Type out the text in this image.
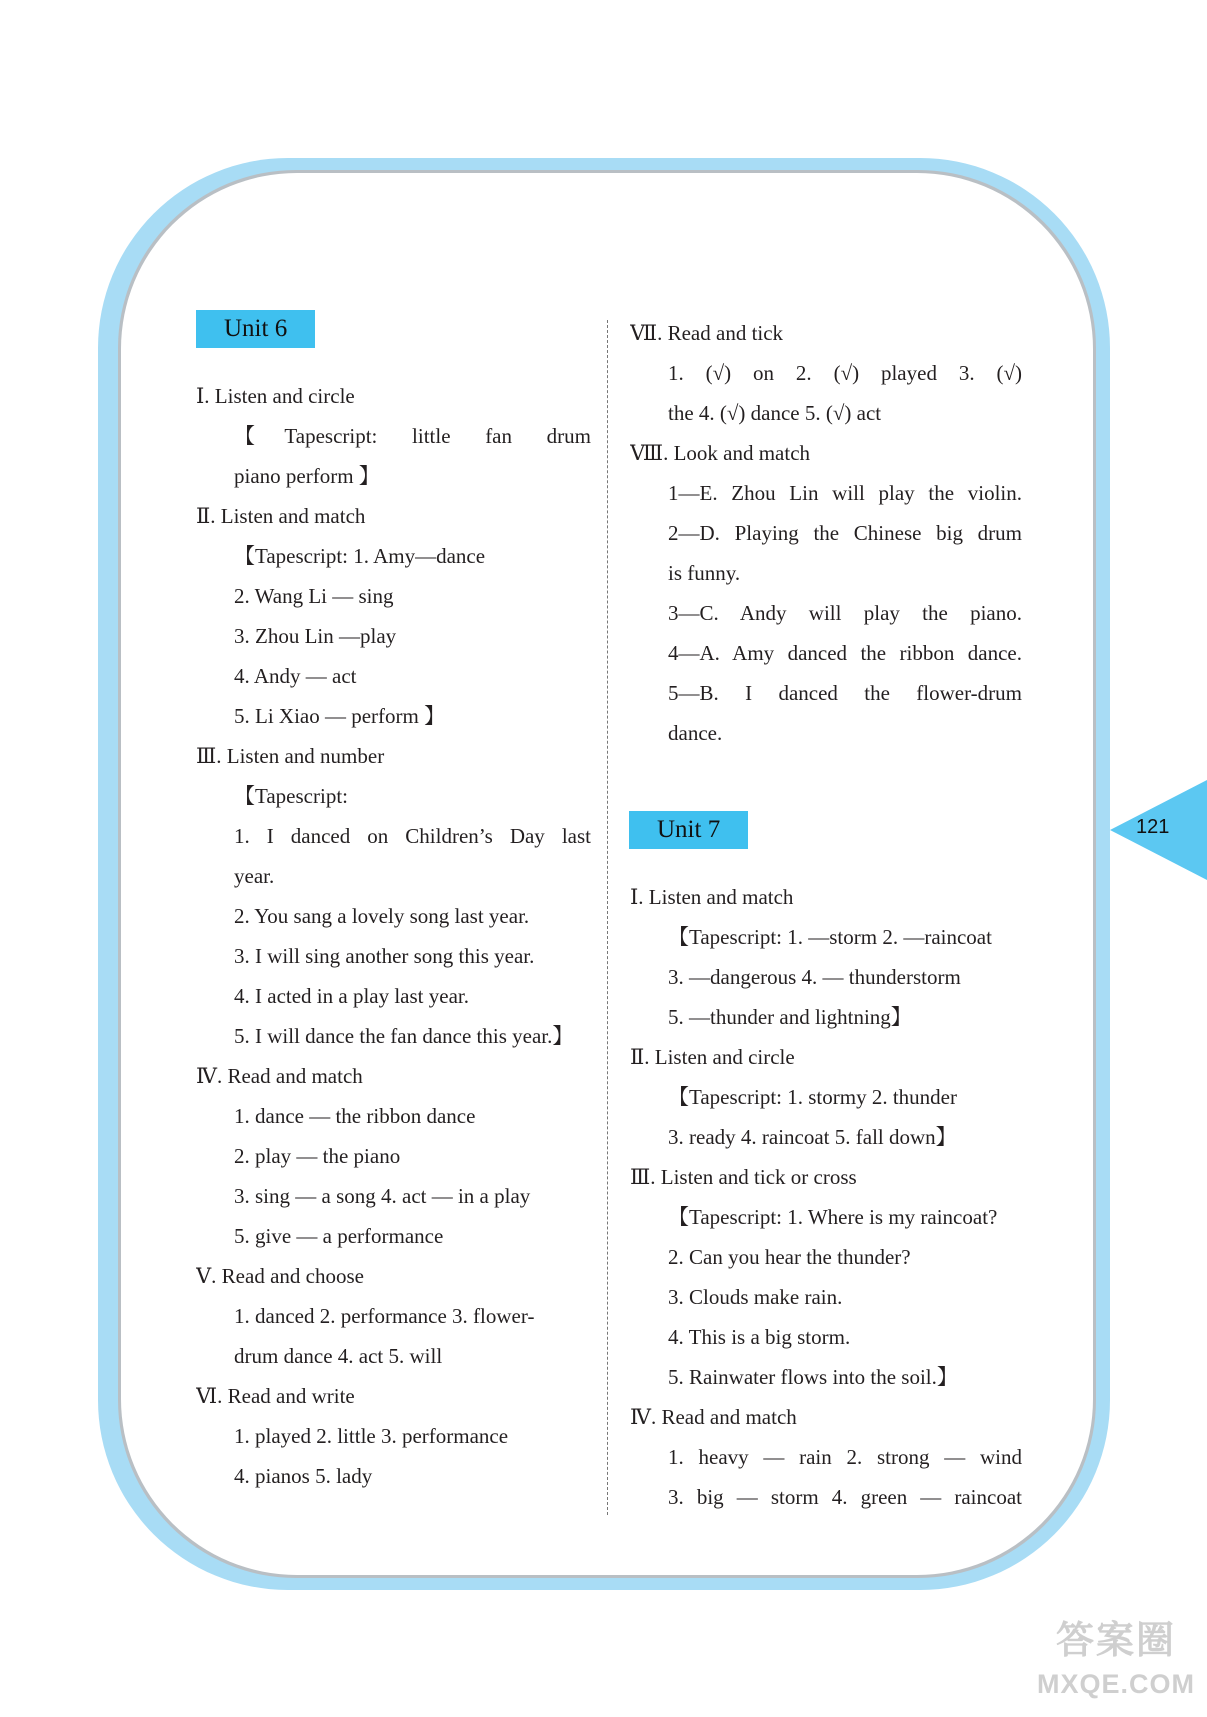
121
Unit 6
Ⅰ. Listen and circle
【Tapescript: little fan drum
piano perform 】
Ⅱ. Listen and match
【Tapescript: 1. Amy—dance
2. Wang Li — sing
3. Zhou Lin —play
4. Andy — act
5. Li Xiao — perform 】
Ⅲ. Listen and number
【Tapescript:
1. I danced on Children’s Day last
year.
2. You sang a lovely song last year.
3. I will sing another song this year.
4. I acted in a play last year.
5. I will dance the fan dance this year.】
Ⅳ. Read and match
1. dance — the ribbon dance
2. play — the piano
3. sing — a song 4. act — in a play
5. give — a performance
Ⅴ. Read and choose
1. danced 2. performance 3. flower-
drum dance 4. act 5. will
Ⅵ. Read and write
1. played 2. little 3. performance
4. pianos 5. lady
Ⅶ. Read and tick
1. (√) on 2. (√) played 3. (√)
the 4. (√) dance 5. (√) act
Ⅷ. Look and match
1—E. Zhou Lin will play the violin.
2—D. Playing the Chinese big drum
is funny.
3—C. Andy will play the piano.
4—A. Amy danced the ribbon dance.
5—B. I danced the flower-drum
dance.
Unit 7
Ⅰ. Listen and match
【Tapescript: 1. —storm 2. —raincoat
3. —dangerous 4. — thunderstorm
5. —thunder and lightning】
Ⅱ. Listen and circle
【Tapescript: 1. stormy 2. thunder
3. ready 4. raincoat 5. fall down】
Ⅲ. Listen and tick or cross
【Tapescript: 1. Where is my raincoat?
2. Can you hear the thunder?
3. Clouds make rain.
4. This is a big storm.
5. Rainwater flows into the soil.】
Ⅳ. Read and match
1. heavy — rain 2. strong — wind
3. big — storm 4. green — raincoat
答案圈
MXQE.COM
